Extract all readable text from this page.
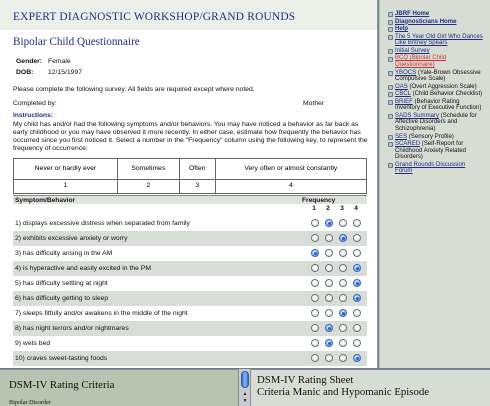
EXPERT DIAGNOSTIC WORKSHOP/GRAND ROUNDS
Bipolar Child Questionnaire
Gender: Female
DOB: 12/15/1997
Please complete the following survey. All fields are required except where noted.
Completed by:	Mother
Instructions:
My child has and/or had the following symptoms and/or behaviors. You may have noticed a behavior as far back as early childhood or you may have observed it more recently. In either case, estimate how frequently the behavior has occurred since you first noticed it. Select a number in the "Frequency" column using the following key, to represent the frequency of occurrence:
Never or hardly ever	Sometimes	Often	Very often or almost constantly
1	2	3	4
Symptom/Behavior	Frequency
1	2	3	4
1) displays excessive distress when separated from family
2) exhibits excessive anxiety or worry
3) has difficulty arising in the AM
4) is hyperactive and easily excited in the PM
5) has difficulty settling at night
6) has difficulty getting to sleep
7) sleeps fitfully and/or awakens in the middle of the night
8) has night terrors and/or nightmares
9) wets bed
10) craves sweet-tasting foods
JBRF Home
Diagnosticians Home
Help
The 5 Year Old Girl Who Dances Like Britney Spears
Initial Survey
BCQ (Bipolar Child Questionnaire)
YBOCS (Yale-Brown Obsessive Compulsive Scale)
OAS (Overt Aggression Scale)
CBCL (Child Behavior Checklist)
BRIEF (Behavior Rating Inventory of Executive Function)
SADS Summary (Schedule for Affective Disorders and Schizophrenia)
SES (Sensory Profile)
SCARED (Self-Report for Childhood Anxiety Related Disorders)
Grand Rounds Discussion Forum
DSM-IV Rating Criteria
Bipolar Disorder
▲
▼
DSM-IV Rating Sheet
Criteria Manic and Hypomanic Episode
